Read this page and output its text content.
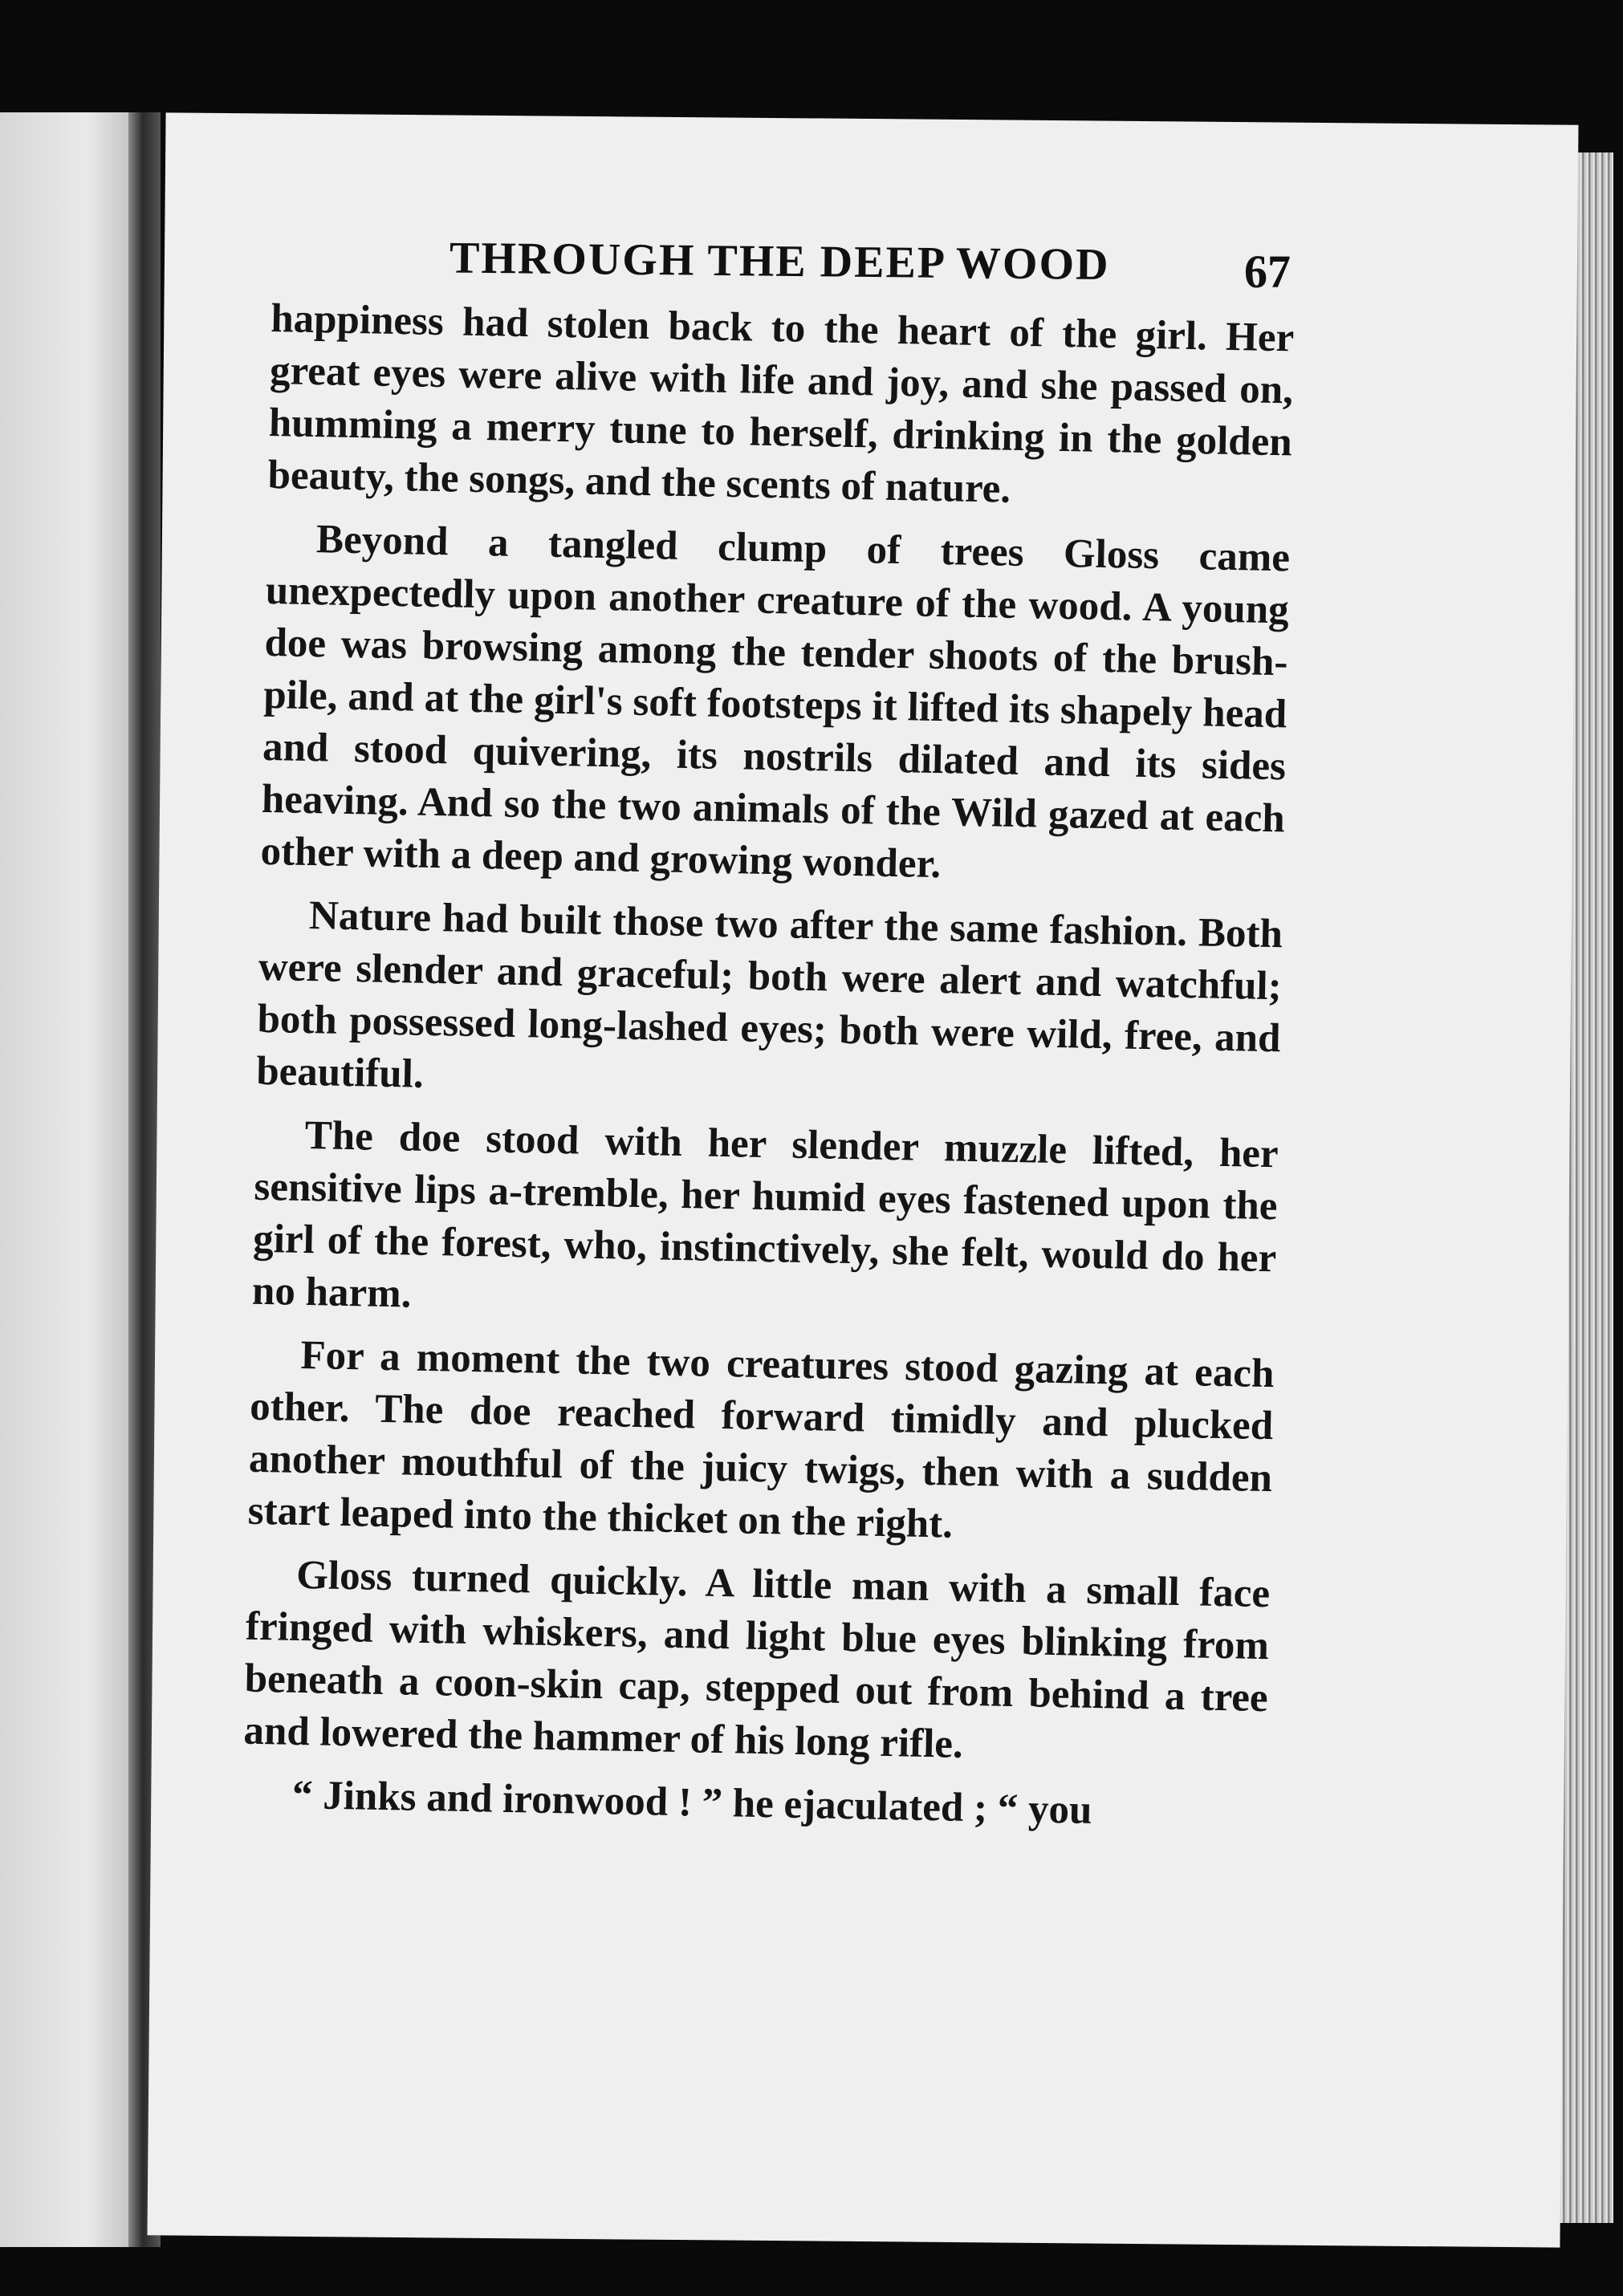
THROUGH THE DEEP WOOD	67

happiness had stolen back to the heart of the girl. Her great eyes were alive with life and joy, and she passed on, humming a merry tune to herself, drinking in the golden beauty, the songs, and the scents of nature.

Beyond a tangled clump of trees Gloss came unexpectedly upon another creature of the wood. A young doe was browsing among the tender shoots of the brush-pile, and at the girl's soft footsteps it lifted its shapely head and stood quivering, its nostrils dilated and its sides heaving. And so the two animals of the Wild gazed at each other with a deep and growing wonder.

Nature had built those two after the same fashion. Both were slender and graceful; both were alert and watchful; both possessed long-lashed eyes; both were wild, free, and beautiful.

The doe stood with her slender muzzle lifted, her sensitive lips a-tremble, her humid eyes fastened upon the girl of the forest, who, instinctively, she felt, would do her no harm.

For a moment the two creatures stood gazing at each other. The doe reached forward timidly and plucked another mouthful of the juicy twigs, then with a sudden start leaped into the thicket on the right.

Gloss turned quickly. A little man with a small face fringed with whiskers, and light blue eyes blinking from beneath a coon-skin cap, stepped out from behind a tree and lowered the hammer of his long rifle.

“ Jinks and ironwood ! ” he ejaculated ; “ you
